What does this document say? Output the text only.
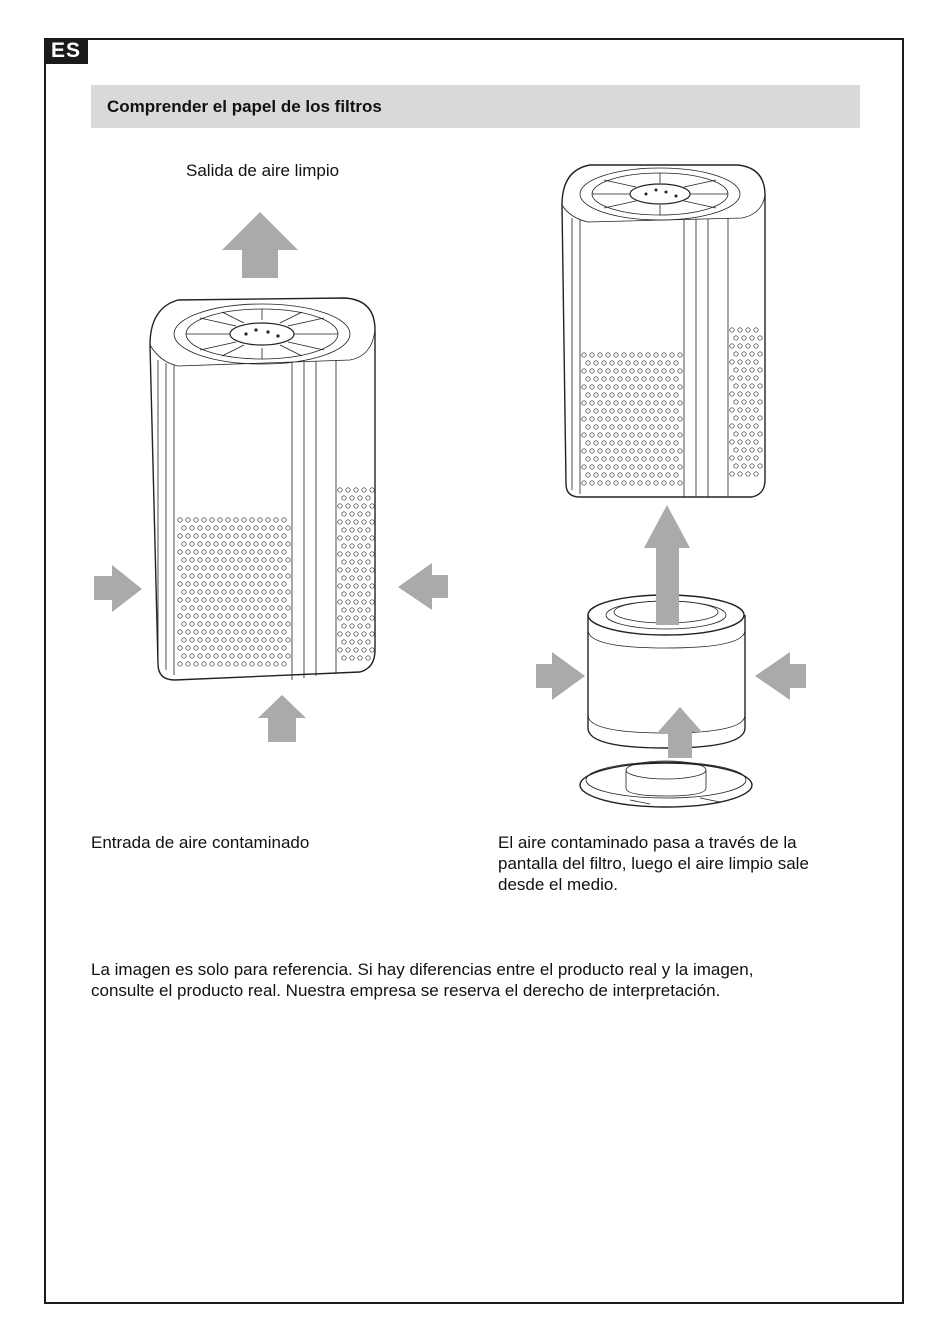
ES
Comprender el papel de los filtros
Salida de aire limpio
Entrada de aire contaminado	El aire contaminado pasa a través de la pantalla del filtro, luego el aire limpio sale desde el medio.
La imagen es solo para referencia. Si hay diferencias entre el producto real y la imagen, consulte el producto real. Nuestra empresa se reserva el derecho de interpretación.
